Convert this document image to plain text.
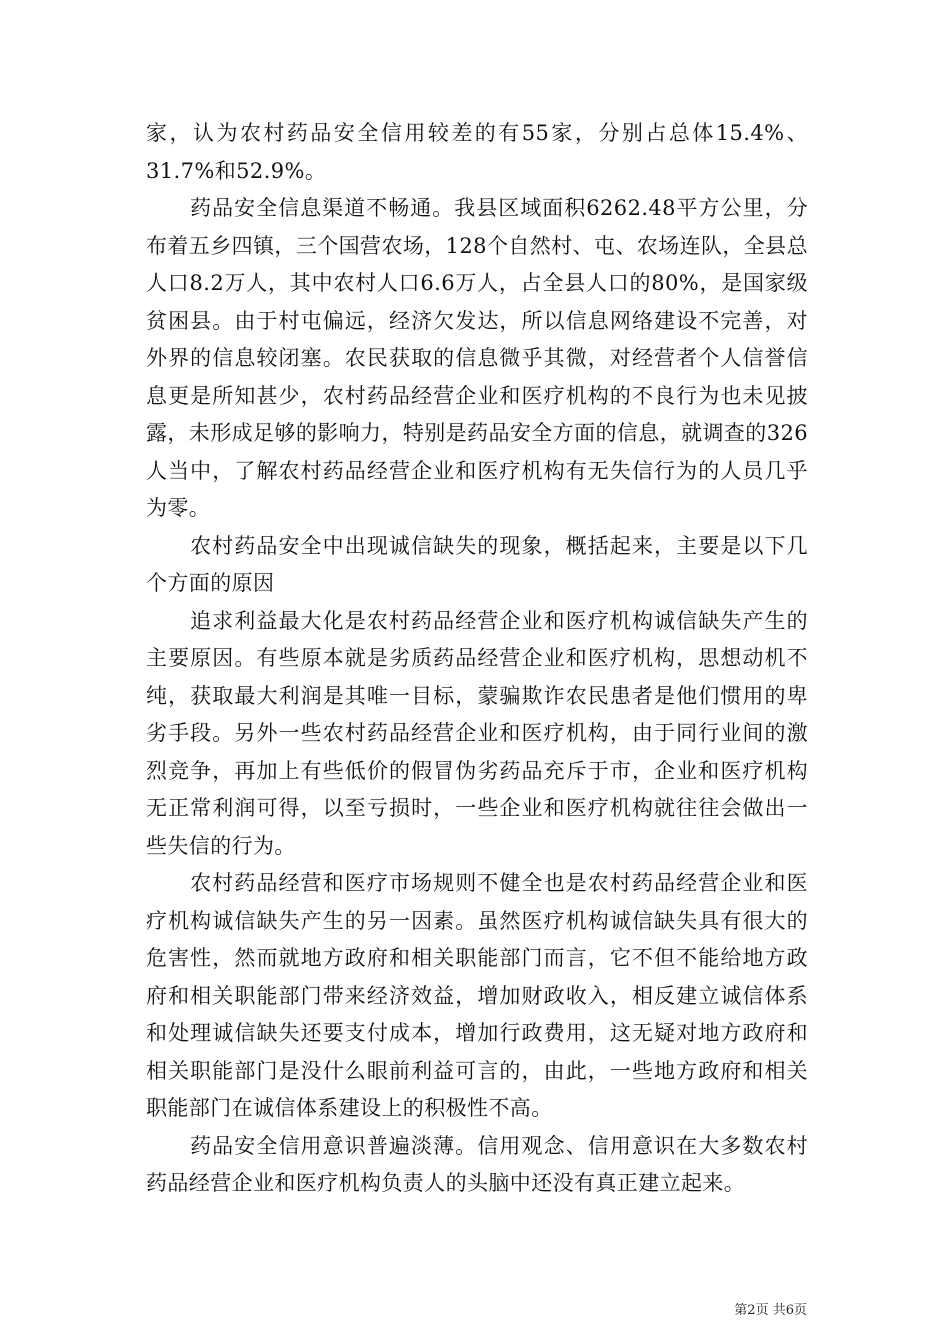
家，认为农村药品安全信用较差的有55家，分别占总体15.4%、31.7%和52.9%。

药品安全信息渠道不畅通。我县区域面积6262.48平方公里，分布着五乡四镇，三个国营农场，128个自然村、屯、农场连队，全县总人口8.2万人，其中农村人口6.6万人，占全县人口的80%，是国家级贫困县。由于村屯偏远，经济欠发达，所以信息网络建设不完善，对外界的信息较闭塞。农民获取的信息微乎其微，对经营者个人信誉信息更是所知甚少，农村药品经营企业和医疗机构的不良行为也未见披露，未形成足够的影响力，特别是药品安全方面的信息，就调查的326人当中，了解农村药品经营企业和医疗机构有无失信行为的人员几乎为零。

农村药品安全中出现诚信缺失的现象，概括起来，主要是以下几个方面的原因

追求利益最大化是农村药品经营企业和医疗机构诚信缺失产生的主要原因。有些原本就是劣质药品经营企业和医疗机构，思想动机不纯，获取最大利润是其唯一目标，蒙骗欺诈农民患者是他们惯用的卑劣手段。另外一些农村药品经营企业和医疗机构，由于同行业间的激烈竞争，再加上有些低价的假冒伪劣药品充斥于市，企业和医疗机构无正常利润可得，以至亏损时，一些企业和医疗机构就往往会做出一些失信的行为。

农村药品经营和医疗市场规则不健全也是农村药品经营企业和医疗机构诚信缺失产生的另一因素。虽然医疗机构诚信缺失具有很大的危害性，然而就地方政府和相关职能部门而言，它不但不能给地方政府和相关职能部门带来经济效益，增加财政收入，相反建立诚信体系和处理诚信缺失还要支付成本，增加行政费用，这无疑对地方政府和相关职能部门是没什么眼前利益可言的，由此，一些地方政府和相关职能部门在诚信体系建设上的积极性不高。

药品安全信用意识普遍淡薄。信用观念、信用意识在大多数农村药品经营企业和医疗机构负责人的头脑中还没有真正建立起来。

第2页 共6页
